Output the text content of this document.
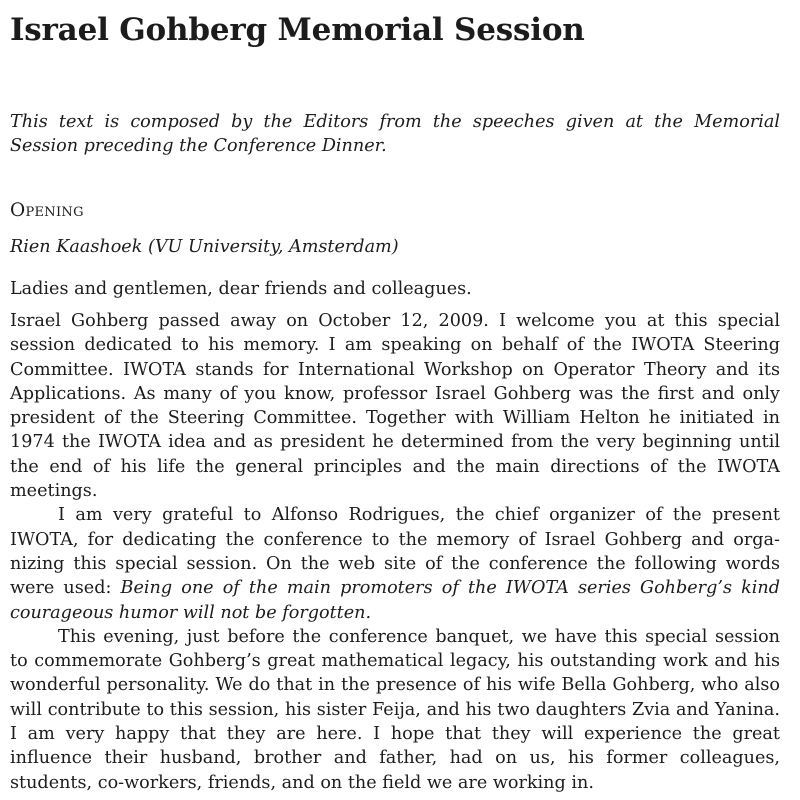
Israel Gohberg Memorial Session

This text is composed by the Editors from the speeches given at the Memorial Session preceding the Conference Dinner.

Opening
Rien Kaashoek (VU University, Amsterdam)

Ladies and gentlemen, dear friends and colleagues.

Israel Gohberg passed away on October 12, 2009. I welcome you at this special session dedicated to his memory. I am speaking on behalf of the IWOTA Steering Committee. IWOTA stands for International Workshop on Operator Theory and its Applications. As many of you know, professor Israel Gohberg was the first and only president of the Steering Committee. Together with William Helton he initiated in 1974 the IWOTA idea and as president he determined from the very beginning until the end of his life the general principles and the main directions of the IWOTA meetings.

I am very grateful to Alfonso Rodrigues, the chief organizer of the present IWOTA, for dedicating the conference to the memory of Israel Gohberg and organizing this special session. On the web site of the conference the following words were used: Being one of the main promoters of the IWOTA series Gohberg’s kind courageous humor will not be forgotten.

This evening, just before the conference banquet, we have this special session to commemorate Gohberg’s great mathematical legacy, his outstanding work and his wonderful personality. We do that in the presence of his wife Bella Gohberg, who also will contribute to this session, his sister Feija, and his two daughters Zvia and Yanina. I am very happy that they are here. I hope that they will experience the great influence their husband, brother and father, had on us, his former colleagues, students, co-workers, friends, and on the field we are working in.
